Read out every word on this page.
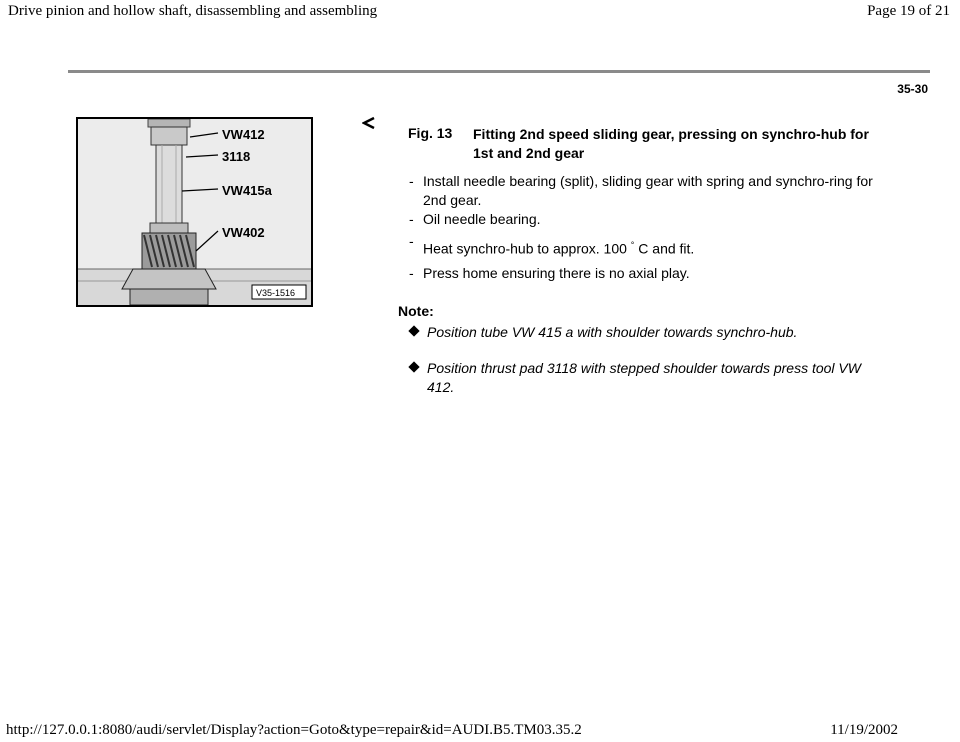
Drive pinion and hollow shaft, disassembling and assembling	Page 19 of 21
35-30
VW412
3118
VW415a
VW402
V35-1516
Fig. 13 Fitting 2nd speed sliding gear, pressing on synchro-hub for 1st and 2nd gear
- Install needle bearing (split), sliding gear with spring and synchro-ring for 2nd gear.
- Oil needle bearing.
- Heat synchro-hub to approx. 100 ° C and fit.
- Press home ensuring there is no axial play.
Note:
Position tube VW 415 a with shoulder towards synchro-hub.
Position thrust pad 3118 with stepped shoulder towards press tool VW 412.
http://127.0.0.1:8080/audi/servlet/Display?action=Goto&type=repair&id=AUDI.B5.TM03.35.2	11/19/2002
